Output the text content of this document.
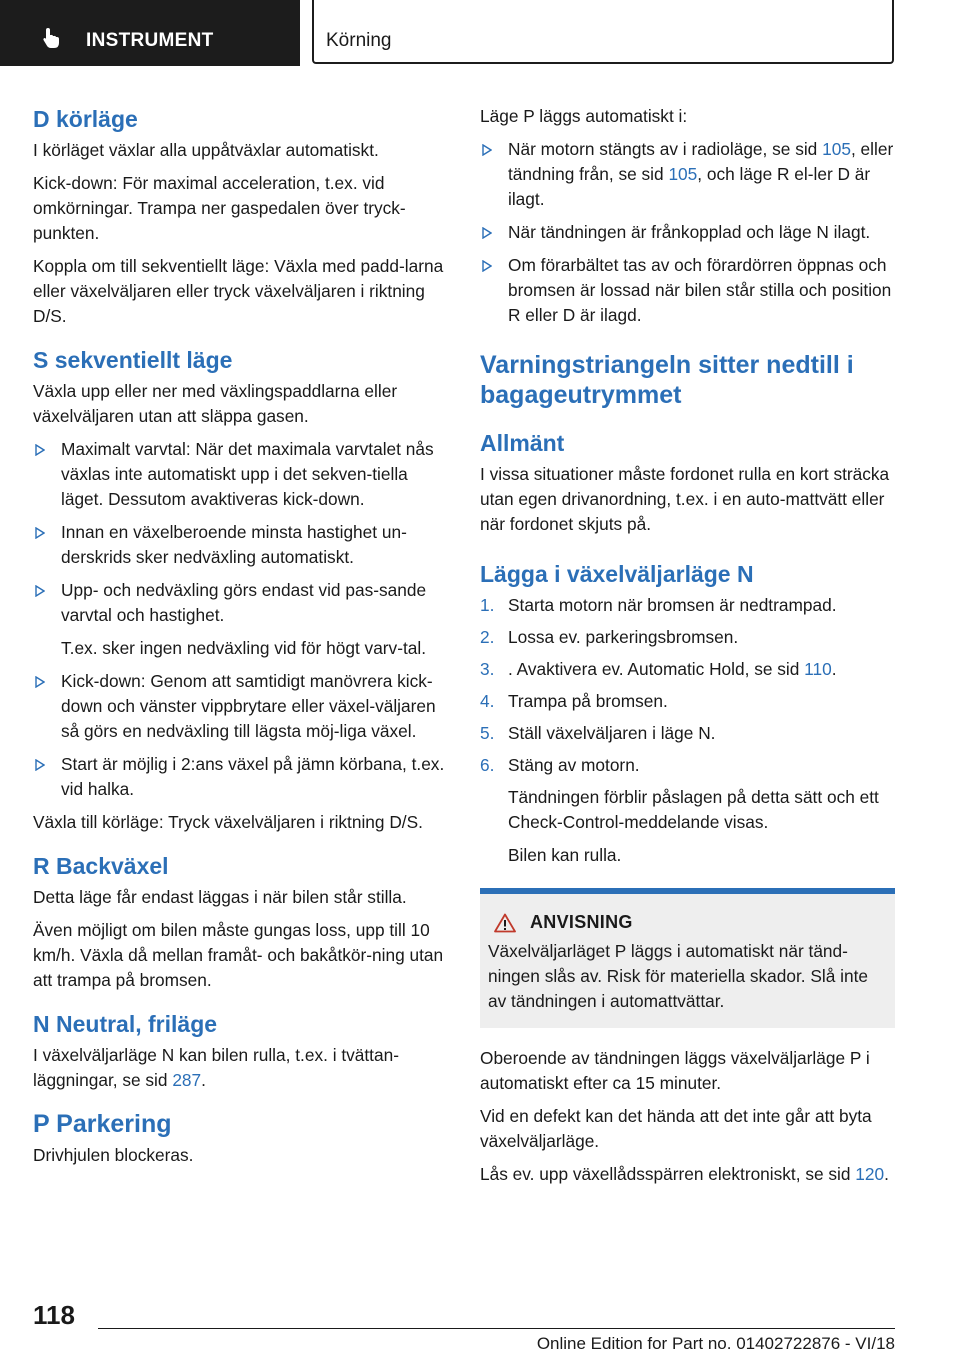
INSTRUMENT	Körning
D körläge

I körläget växlar alla uppåtväxlar automatiskt.

Kick-down: För maximal acceleration, t.ex. vid omkörningar. Trampa ner gaspedalen över tryck-punkten.

Koppla om till sekventiellt läge: Växla med padd-larna eller växelväljaren eller tryck växelväljaren i riktning D/S.

S sekventiellt läge

Växla upp eller ner med växlingspaddlarna eller växelväljaren utan att släppa gasen.

Maximalt varvtal: När det maximala varvtalet nås växlas inte automatiskt upp i det sekven-tiella läget. Dessutom avaktiveras kick-down.
Innan en växelberoende minsta hastighet un-derskrids sker nedväxling automatiskt.
Upp- och nedväxling görs endast vid pas-sande varvtal och hastighet.

T.ex. sker ingen nedväxling vid för högt varv-tal.

Kick-down: Genom att samtidigt manövrera kick-down och vänster vippbrytare eller växel-väljaren så görs en nedväxling till lägsta möj-liga växel.
Start är möjlig i 2:ans växel på jämn körbana, t.ex. vid halka.

Växla till körläge: Tryck växelväljaren i riktning D/S.

R Backväxel

Detta läge får endast läggas i när bilen står stilla.

Även möjligt om bilen måste gungas loss, upp till 10 km/h. Växla då mellan framåt- och bakåtkör-ning utan att trampa på bromsen.

N Neutral, friläge

I växelväljarläge N kan bilen rulla, t.ex. i tvättan-läggningar, se sid 287.

P Parkering

Drivhjulen blockeras.

Läge P läggs automatiskt i:

När motorn stängts av i radioläge, se sid 105, eller tändning från, se sid 105, och läge R el-ler D är ilagt.
När tändningen är frånkopplad och läge N ilagt.
Om förarbältet tas av och förardörren öppnas och bromsen är lossad när bilen står stilla och position R eller D är ilagd.
Varningstriangeln sitter nedtill i bagageutrymmet
Allmänt

I vissa situationer måste fordonet rulla en kort sträcka utan egen drivanordning, t.ex. i en auto-mattvätt eller när fordonet skjuts på.

Lägga i växelväljarläge N
1. Starta motorn när bromsen är nedtrampad.
2. Lossa ev. parkeringsbromsen.
3. . Avaktivera ev. Automatic Hold, se sid 110.
4. Trampa på bromsen.
5. Ställ växelväljaren i läge N.
6. Stäng av motorn.

Tändningen förblir påslagen på detta sätt och ett Check-Control-meddelande visas.

Bilen kan rulla.

ANVISNING

Växelväljarläget P läggs i automatiskt när tänd-ningen slås av. Risk för materiella skador. Slå inte av tändningen i automattvättar.

Oberoende av tändningen läggs växelväljarläge P i automatiskt efter ca 15 minuter.

Vid en defekt kan det hända att det inte går att byta växelväljarläge.

Lås ev. upp växellådsspärren elektroniskt, se sid 120.

118
Online Edition for Part no. 01402722876 - VI/18
